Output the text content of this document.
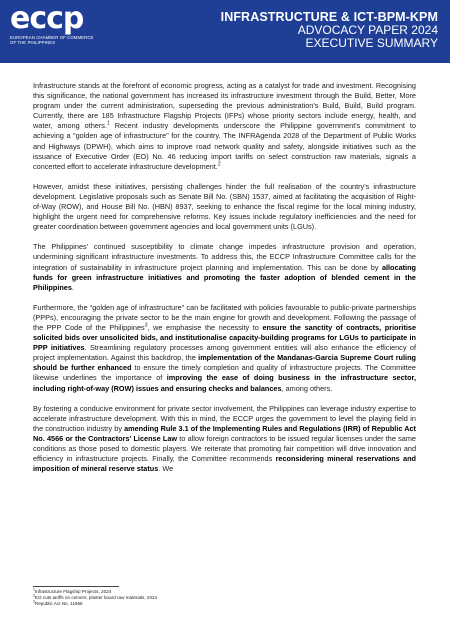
eccp
EUROPEAN CHAMBER OF COMMERCE
OF THE PHILIPPINES
INFRASTRUCTURE & ICT-BPM-KPM
ADVOCACY PAPER 2024
EXECUTIVE SUMMARY

Infrastructure stands at the forefront of economic progress, acting as a catalyst for trade and investment. Recognising this significance, the national government has increased its infrastructure investment through the Build, Better, More program under the current administration, superseding the previous administration's Build, Build, Build program. Currently, there are 185 Infrastructure Flagship Projects (IFPs) whose priority sectors include energy, health, and water, among others.$^1$ Recent industry developments underscore the Philippine government's commitment to achieving a “golden age of infrastructure” for the country. The INFRAgenda 2028 of the Department of Public Works and Highways (DPWH), which aims to improve road network quality and safety, alongside initiatives such as the issuance of Executive Order (EO) No. 46 reducing import tariffs on select construction raw materials, signals a concerted effort to accelerate infrastructure development.$^2$

However, amidst these initiatives, persisting challenges hinder the full realisation of the country's infrastructure development. Legislative proposals such as Senate Bill No. (SBN) 1537, aimed at facilitating the acquisition of Right-of-Way (ROW), and House Bill No. (HBN) 8937, seeking to enhance the fiscal regime for the local mining industry, highlight the urgent need for comprehensive reforms. Key issues include regulatory inefficiencies and the need for greater coordination between government agencies and local government units (LGUs).

The Philippines' continued susceptibility to climate change impedes infrastructure provision and operation, undermining significant infrastructure investments. To address this, the ECCP Infrastructure Committee calls for the integration of sustainability in infrastructure project planning and implementation. This can be done by allocating funds for green infrastructure initiatives and promoting the faster adoption of blended cement in the Philippines.

Furthermore, the “golden age of infrastructure” can be facilitated with policies favourable to public-private partnerships (PPPs), encouraging the private sector to be the main engine for growth and development. Following the passage of the PPP Code of the Philippines$^3$, we emphasise the necessity to ensure the sanctity of contracts, prioritise solicited bids over unsolicited bids, and institutionalise capacity-building programs for LGUs to participate in PPP initiatives. Streamlining regulatory processes among government entities will also enhance the efficiency of project implementation. Against this backdrop, the implementation of the Mandanas-Garcia Supreme Court ruling should be further enhanced to ensure the timely completion and quality of infrastructure projects. The Committee likewise underlines the importance of improving the ease of doing business in the infrastructure sector, including right-of-way (ROW) issues and ensuring checks and balances, among others.

By fostering a conducive environment for private sector involvement, the Philippines can leverage industry expertise to accelerate infrastructure development. With this in mind, the ECCP urges the government to level the playing field in the construction industry by amending Rule 3.1 of the Implementing Rules and Regulations (IRR) of Republic Act No. 4566 or the Contractors' License Law to allow foreign contractors to be issued regular licenses under the same conditions as those posed to domestic players. We reiterate that promoting fair competition will drive innovation and efficiency in infrastructure projects. Finally, the Committee recommends reconsidering mineral reservations and imposition of mineral reserve status. We

$^1$Infrastructure Flagship Projects, 2024
$^2$EO cuts tariffs on cement, plaster board raw materials, 2024
$^3$Republic Act No. 11966
